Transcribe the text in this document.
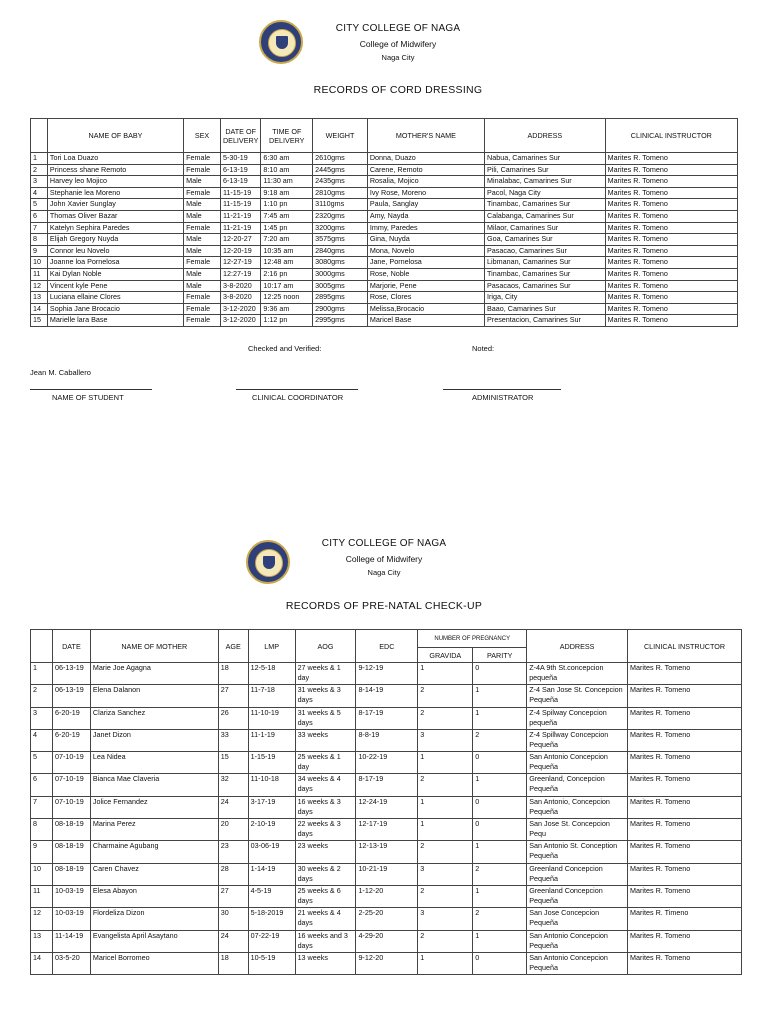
CITY COLLEGE OF NAGA
College of Midwifery
Naga City
RECORDS OF CORD DRESSING
	NAME OF BABY	SEX	DATE OF DELIVERY	TIME OF DELIVERY	WEIGHT	MOTHER'S NAME	ADDRESS	CLINICAL INSTRUCTOR
1	Tori Loa Duazo	Female	5-30-19	6:30 am	2610gms	Donna, Duazo	Nabua, Camarines Sur	Marites R. Tomeno
2	Princess shane Remoto	Female	6-13-19	8:10 am	2445gms	Carene, Remoto	Pili, Camarines Sur	Marites R. Tomeno
3	Harvey leo Mojico	Male	6-13-19	11:30 am	2435gms	Rosalia, Mojico	Minalabac, Camarines Sur	Marites R. Tomeno
4	Stephanie lea Moreno	Female	11-15-19	9:18 am	2810gms	Ivy Rose, Moreno	Pacol, Naga City	Marites R. Tomeno
5	John Xavier Sunglay	Male	11-15-19	1:10 pn	3110gms	Paula, Sanglay	Tinambac, Camarines Sur	Marites R. Tomeno
6	Thomas Oliver Bazar	Male	11-21-19	7:45 am	2320gms	Amy, Nayda	Calabanga, Camarines Sur	Marites R. Tomeno
7	Katelyn Sephira Paredes	Female	11-21-19	1:45 pn	3200gms	Immy, Paredes	Milaor, Camarines Sur	Marites R. Tomeno
8	Elijah Gregory Nuyda	Male	12-20-27	7:20 am	3575gms	Gina, Nuyda	Goa, Camarines Sur	Marites R. Tomeno
9	Connor leu Novelo	Male	12-20-19	10:35 am	2840gms	Mona, Novelo	Pasacao, Camarines Sur	Marites R. Tomeno
10	Joanne loa Pornelosa	Female	12-27-19	12:48 am	3080gms	Jane, Pornelosa	Libmanan, Camarines Sur	Marites R. Tomeno
11	Kai Dylan Noble	Male	12:27-19	2:16 pn	3000gms	Rose, Noble	Tinambac, Camarines Sur	Marites R. Tomeno
12	Vincent kyle Pene	Male	3-8-2020	10:17 am	3005gms	Marjorie, Pene	Pasacaos, Camarines Sur	Marites R. Tomeno
13	Luciana ellaine Clores	Female	3-8-2020	12:25 noon	2895gms	Rose, Clores	Iriga, City	Marites R. Tomeno
14	Sophia Jane Brocacio	Female	3-12-2020	9:36 am	2900gms	Melissa,Brocacio	Baao, Camarines Sur	Marites R. Tomeno
15	Marielle lara Base	Female	3-12-2020	1:12 pn	2995gms	Maricel Base	Presentacion, Camarines Sur	Marites R. Tomeno
Checked and Verified:	Noted:
Jean M. Caballero
NAME OF STUDENT	CLINICAL COORDINATOR	ADMINISTRATOR
CITY COLLEGE OF NAGA
College of Midwifery
Naga City
RECORDS OF PRE-NATAL CHECK-UP
	DATE	NAME OF MOTHER	AGE	LMP	AOG	EDC	NUMBER OF PREGNANCY		ADDRESS	CLINICAL INSTRUCTOR
							GRAVIDA	PARITY		
1	06-13-19	Marie Joe Agagna	18	12-5-18	27 weeks & 1 day	9-12-19	1	0	Z-4A 9th St.concepcion pequeña	Marites R. Tomeno
2	06-13-19	Elena Dalanon	27	11-7-18	31 weeks & 3 days	8-14-19	2	1	Z-4 San Jose St. Concepcion Pequeña	Marites R. Tomeno
3	6-20-19	Clariza Sanchez	26	11-10-19	31 weeks & 5 days	8-17-19	2	1	Z-4 Spilway Concepcion pequeña	Marites R. Tomeno
4	6-20-19	Janet Dizon	33	11-1-19	33 weeks	8-8-19	3	2	Z-4 Spillway Concepcion Pequeña	Marites R. Tomeno
5	07-10-19	Lea Nidea	15	1-15-19	25 weeks & 1 day	10-22-19	1	0	San Antonio Concepcion Pequeña	Marites R. Tomeno
6	07-10-19	Bianca Mae Claveria	32	11-10-18	34 weeks & 4 days	8-17-19	2	1	Greenland, Concepcion Pequeña	Marites R. Tomeno
7	07-10-19	Jolice Fernandez	24	3-17-19	16 weeks & 3 days	12-24-19	1	0	San Antonio, Concepcion Pequeña	Marites R. Tomeno
8	08-18-19	Marina Perez	20	2-10-19	22 weeks & 3 days	12-17-19	1	0	San Jose St. Concepcion Pequ	Marites R. Tomeno
9	08-18-19	Charmaine Agubang	23	03-06-19	23 weeks	12-13-19	2	1	San Antonio St. Conception Pequeña	Marites R. Tomeno
10	08-18-19	Caren Chavez	28	1-14-19	30 weeks & 2 days	10-21-19	3	2	Greenland Concepcion Pequeña	Marites R. Tomeno
11	10-03-19	Elesa Abayon	27	4-5-19	25 weeks & 6 days	1-12-20	2	1	Greenland Concepcion Pequeña	Marites R. Tomeno
12	10-03-19	Flordeliza Dizon	30	5-18-2019	21 weeks & 4 days	2-25-20	3	2	San Jose Concepcion Pequeña	Marites R. Timeno
13	11-14-19	Evangelista April Asaytano	24	07-22-19	16 weeks and 3 days	4-29-20	2	1	San Antonio Concepcion Pequeña	Marites R. Tomeno
14	03-5-20	Maricel Borromeo	18	10-5-19	13 weeks	9-12-20	1	0	San Antonio Concepcion Pequeña	Marites R. Tomeno
